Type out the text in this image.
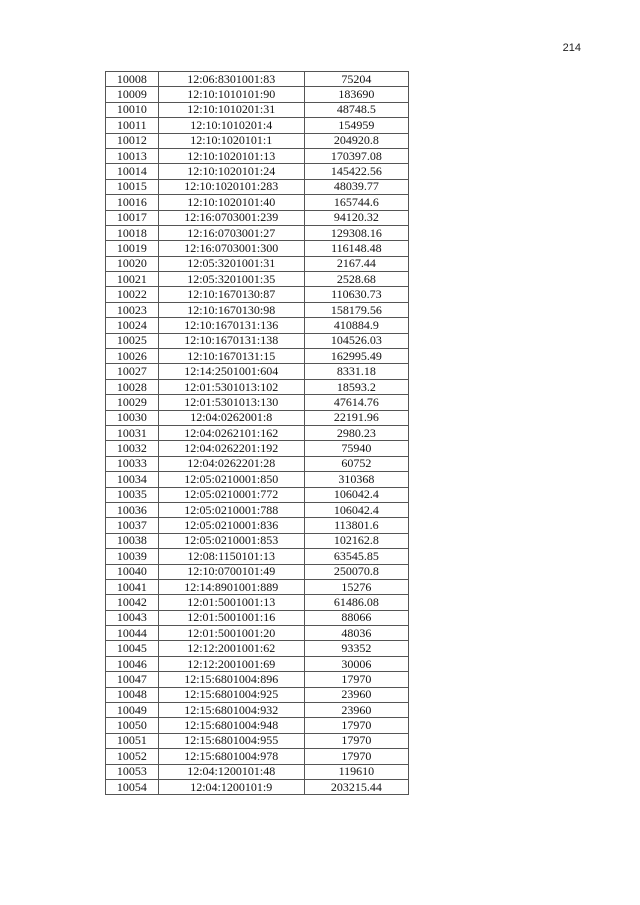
214
10008	12:06:8301001:83	75204
10009	12:10:1010101:90	183690
10010	12:10:1010201:31	48748.5
10011	12:10:1010201:4	154959
10012	12:10:1020101:1	204920.8
10013	12:10:1020101:13	170397.08
10014	12:10:1020101:24	145422.56
10015	12:10:1020101:283	48039.77
10016	12:10:1020101:40	165744.6
10017	12:16:0703001:239	94120.32
10018	12:16:0703001:27	129308.16
10019	12:16:0703001:300	116148.48
10020	12:05:3201001:31	2167.44
10021	12:05:3201001:35	2528.68
10022	12:10:1670130:87	110630.73
10023	12:10:1670130:98	158179.56
10024	12:10:1670131:136	410884.9
10025	12:10:1670131:138	104526.03
10026	12:10:1670131:15	162995.49
10027	12:14:2501001:604	8331.18
10028	12:01:5301013:102	18593.2
10029	12:01:5301013:130	47614.76
10030	12:04:0262001:8	22191.96
10031	12:04:0262101:162	2980.23
10032	12:04:0262201:192	75940
10033	12:04:0262201:28	60752
10034	12:05:0210001:850	310368
10035	12:05:0210001:772	106042.4
10036	12:05:0210001:788	106042.4
10037	12:05:0210001:836	113801.6
10038	12:05:0210001:853	102162.8
10039	12:08:1150101:13	63545.85
10040	12:10:0700101:49	250070.8
10041	12:14:8901001:889	15276
10042	12:01:5001001:13	61486.08
10043	12:01:5001001:16	88066
10044	12:01:5001001:20	48036
10045	12:12:2001001:62	93352
10046	12:12:2001001:69	30006
10047	12:15:6801004:896	17970
10048	12:15:6801004:925	23960
10049	12:15:6801004:932	23960
10050	12:15:6801004:948	17970
10051	12:15:6801004:955	17970
10052	12:15:6801004:978	17970
10053	12:04:1200101:48	119610
10054	12:04:1200101:9	203215.44
